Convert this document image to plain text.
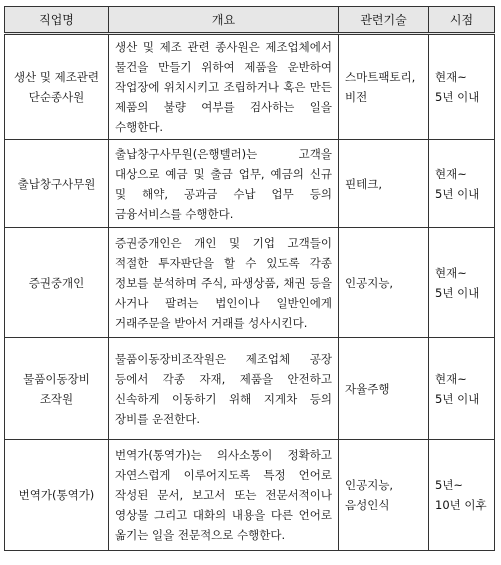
직업명	개요	관련기술	시점
생산 및 제조관련 단순종사원	생산 및 제조 관련 종사원은 제조업체에서 물건을 만들기 위하여 제품을 운반하여 작업장에 위치시키고 조립하거나 혹은 만든 제품의 불량 여부를 검사하는 일을 수행한다.	스마트팩토리, 비전	현재~ 5년 이내
출납창구사무원	출납창구사무원(은행텔러)는 고객을 대상으로 예금 및 출금 업무, 예금의 신규 및 해약, 공과금 수납 업무 등의 금융서비스를 수행한다.	핀테크,	현재~ 5년 이내
증권중개인	증권중개인은 개인 및 기업 고객들이 적절한 투자판단을 할 수 있도록 각종 정보를 분석하며 주식, 파생상품, 채권 등을 사거나 팔려는 법인이나 일반인에게 거래주문을 받아서 거래를 성사시킨다.	인공지능,	현재~ 5년 이내
물품이동장비 조작원	물품이동장비조작원은 제조업체 공장 등에서 각종 자재, 제품을 안전하고 신속하게 이동하기 위해 지게차 등의 장비를 운전한다.	자율주행	현재~ 5년 이내
번역가(통역가)	번역가(통역가)는 의사소통이 정확하고 자연스럽게 이루어지도록 특정 언어로 작성된 문서, 보고서 또는 전문서적이나 영상물 그리고 대화의 내용을 다른 언어로 옮기는 일을 전문적으로 수행한다.	인공지능, 음성인식	5년~ 10년 이후
